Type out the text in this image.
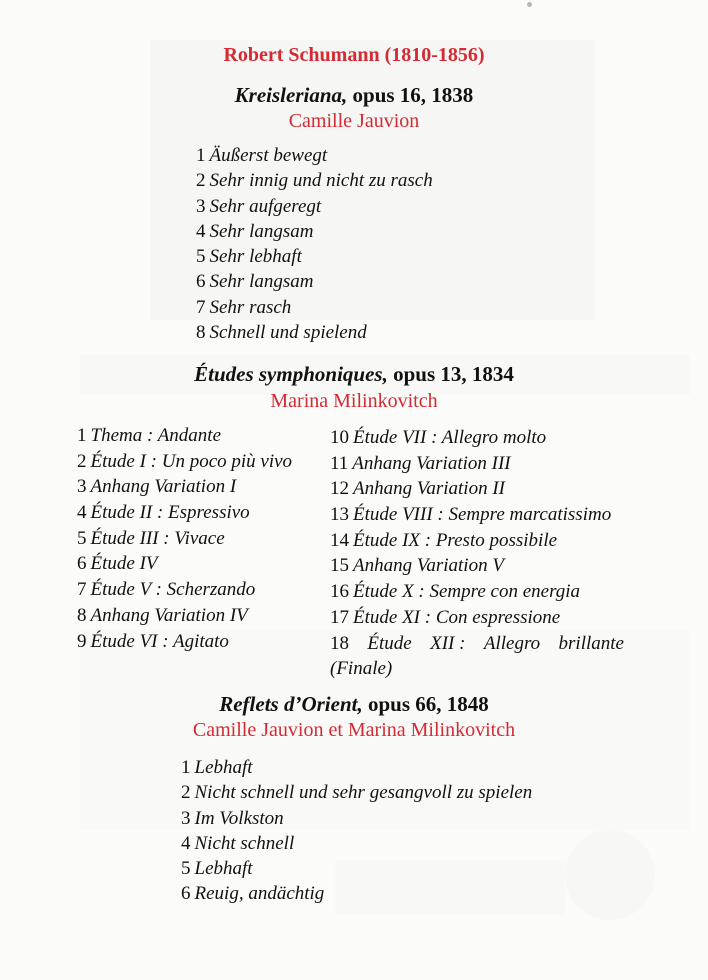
Robert Schumann (1810-1856)
Kreisleriana, opus 16, 1838
Camille Jauvion
1 Äußerst bewegt
2 Sehr innig und nicht zu rasch
3 Sehr aufgeregt
4 Sehr langsam
5 Sehr lebhaft
6 Sehr langsam
7 Sehr rasch
8 Schnell und spielend
Études symphoniques, opus 13, 1834
Marina Milinkovitch
1 Thema : Andante
2 Étude I : Un poco più vivo
3 Anhang Variation I
4 Étude II : Espressivo
5 Étude III : Vivace
6 Étude IV
7 Étude V : Scherzando
8 Anhang Variation IV
9 Étude VI : Agitato
10 Étude VII : Allegro molto
11 Anhang Variation III
12 Anhang Variation II
13 Étude VIII : Sempre marcatissimo
14 Étude IX : Presto possibile
15 Anhang Variation V
16 Étude X : Sempre con energia
17 Étude XI : Con espressione
18 Étude XII : Allegro brillante
(Finale)
Reflets d’Orient, opus 66, 1848
Camille Jauvion et Marina Milinkovitch
1 Lebhaft
2 Nicht schnell und sehr gesangvoll zu spielen
3 Im Volkston
4 Nicht schnell
5 Lebhaft
6 Reuig, andächtig
